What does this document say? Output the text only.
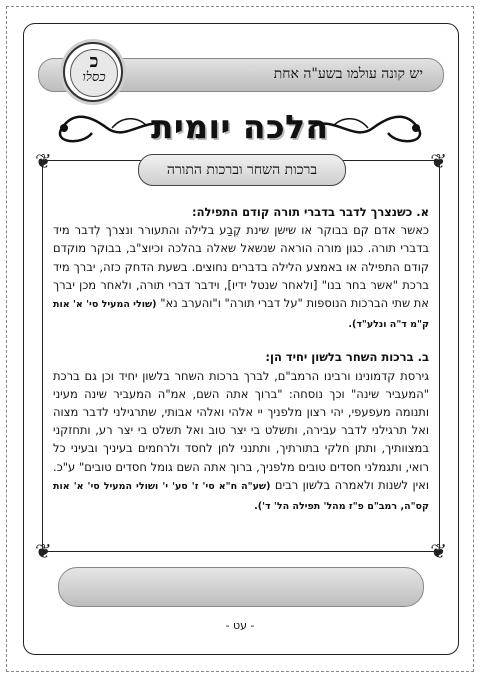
יש קונה עולמו בשע"ה אחת
כ
כסלו
הלכה יומית
❦	❦
❦	❦
ברכות השחר וברכות התורה

א. כשנצרך לדבר בדברי תורה קודם התפילה:
כאשר אדם קם בבוקר או שישן שינת קֶבַע בלילה והתעורר ונצרך לְדבר מיד בדברי תורה. כגון מורה הוראה שנשאל שאלה בהלכה וכיוצ"ב, בבוקר מוקדם קודם התפילה או באמצע הלילה בדברים נחוצים. בשעת הדחק כזה, יברך מיד ברכת "אשר בחר בנו" [ולאחר שנטל ידיו], וידבר דברי תורה, ולאחר מכן יברך את שתי הברכות הנוספות "על דברי תורה" ו"והערב נא" (שולי המעיל סי' א' אות ק"מ ד"ה ונלע"ד).

ב. ברכות השחר בלשון יחיד הן:
גירסת קדמונינו ורבינו הרמב"ם, לברך ברכות השחר בלשון יחיד וכן גם ברכת "המעביר שינה" וכך נוסחה: "ברוך אתה השם, אמ"ה המעביר שינה מעיני ותנומה מעפעפי, יהי רצון מלפניך יי אלהי ואלהי אבותי, שתרגילני לדבר מצוה ואל תרגילני לדבר עבירה, ותשלט בי יצר טוב ואל תשלט בי יצר רע, ותחזקני במצוותיך, ותתן חלקי בתורתיך, ותתנני לחן לחסד ולרחמים בעיניך ובעיני כל רואי, ותגמלני חסדים טובים מלפניך, ברוך אתה השם גומל חסדים טובים" ע"כ. ואין לשנות ולאמרה בלשון רבים (שע"ה ח"א סי' ז' סע' י' ושולי המעיל סי' א' אות קס"ה, רמב"ם פ"ז מהל' תפילה הל' ד').

- עט -
